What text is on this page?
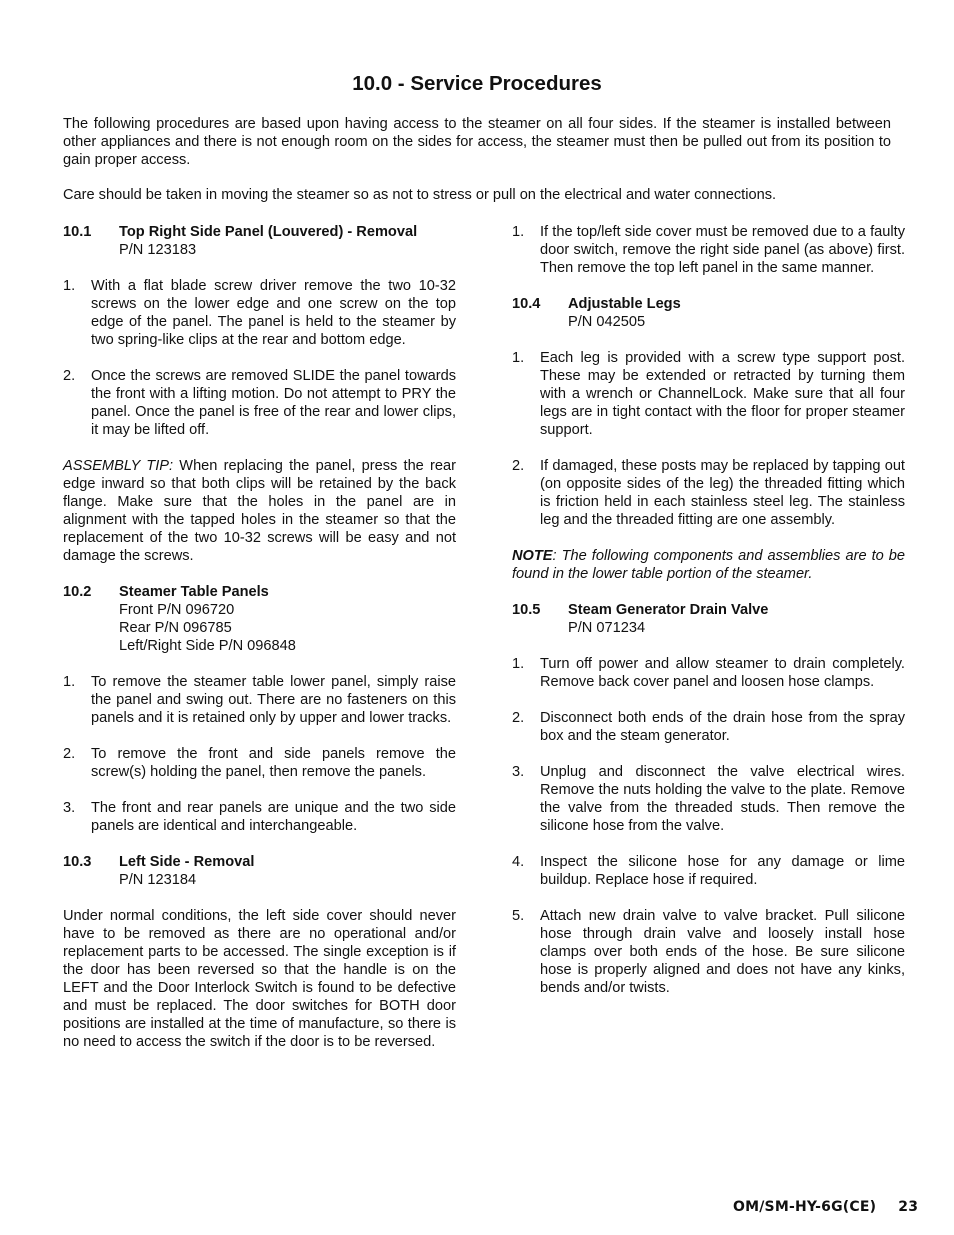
10.0 - Service Procedures

The following procedures are based upon having access to the steamer on all four sides. If the steamer is installed between other appliances and there is not enough room on the sides for access, the steamer must then be pulled out from its position to gain proper access.

Care should be taken in moving the steamer so as not to stress or pull on the electrical and water connections.

10.1	Top Right Side Panel (Louvered) - Removal
P/N 123183
1.	With a flat blade screw driver remove the two 10-32 screws on the lower edge and one screw on the top edge of the panel. The panel is held to the steamer by two spring-like clips at the rear and bottom edge.
2.	Once the screws are removed SLIDE the panel towards the front with a lifting motion. Do not attempt to PRY the panel. Once the panel is free of the rear and lower clips, it may be lifted off.

ASSEMBLY TIP: When replacing the panel, press the rear edge inward so that both clips will be retained by the back flange. Make sure that the holes in the panel are in alignment with the tapped holes in the steamer so that the replacement of the two 10-32 screws will be easy and not damage the screws.

10.2	Steamer Table Panels
Front P/N 096720
Rear P/N 096785
Left/Right Side P/N 096848
1.	To remove the steamer table lower panel, simply raise the panel and swing out. There are no fasteners on this panels and it is retained only by upper and lower tracks.
2.	To remove the front and side panels remove the screw(s) holding the panel, then remove the panels.
3.	The front and rear panels are unique and the two side panels are identical and interchangeable.
10.3	Left Side - Removal
P/N 123184

Under normal conditions, the left side cover should never have to be removed as there are no operational and/or replacement parts to be accessed. The single exception is if the door has been reversed so that the handle is on the LEFT and the Door Interlock Switch is found to be defective and must be replaced. The door switches for BOTH door positions are installed at the time of manufacture, so there is no need to access the switch if the door is to be reversed.

1.	If the top/left side cover must be removed due to a faulty door switch, remove the right side panel (as above) first. Then remove the top left panel in the same manner.
10.4	Adjustable Legs
P/N 042505
1.	Each leg is provided with a screw type support post. These may be extended or retracted by turning them with a wrench or ChannelLock. Make sure that all four legs are in tight contact with the floor for proper steamer support.
2.	If damaged, these posts may be replaced by tapping out (on opposite sides of the leg) the threaded fitting which is friction held in each stainless steel leg. The stainless leg and the threaded fitting are one assembly.

NOTE: The following components and assemblies are to be found in the lower table portion of the steamer.

10.5	Steam Generator Drain Valve
P/N 071234
1.	Turn off power and allow steamer to drain completely. Remove back cover panel and loosen hose clamps.
2.	Disconnect both ends of the drain hose from the spray box and the steam generator.
3.	Unplug and disconnect the valve electrical wires. Remove the nuts holding the valve to the plate. Remove the valve from the threaded studs. Then remove the silicone hose from the valve.
4.	Inspect the silicone hose for any damage or lime buildup. Replace hose if required.
5.	Attach new drain valve to valve bracket. Pull silicone hose through drain valve and loosely install hose clamps over both ends of the hose. Be sure silicone hose is properly aligned and does not have any kinks, bends and/or twists.
OM/SM-HY-6G(CE) 23
